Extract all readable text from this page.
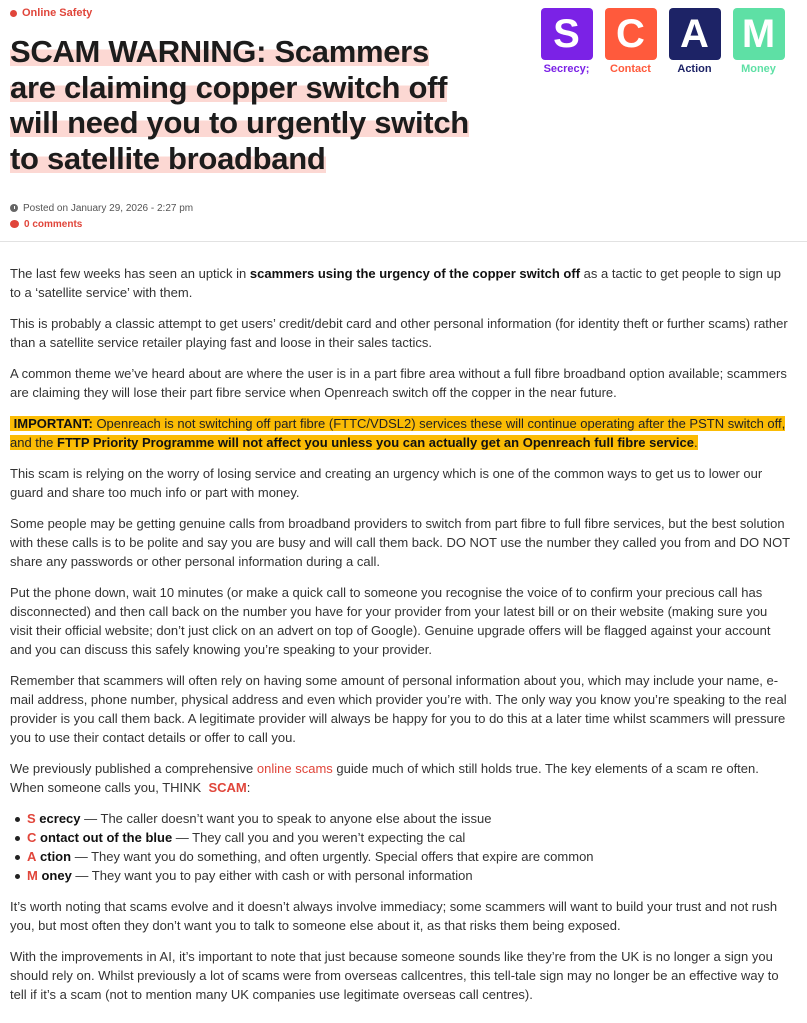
Online Safety
SCAM WARNING: Scammers
are claiming copper switch off
will need you to urgently switch
to satellite broadband
S
Secrecy;
C
Contact
A
Action
M
Money
Posted on January 29, 2026 - 2:27 pm
0 comments

The last few weeks has seen an uptick in scammers using the urgency of the copper switch off as a tactic to get people to sign up to a ‘satellite service’ with them.

This is probably a classic attempt to get users’ credit/debit card and other personal information (for identity theft or further scams) rather than a satellite service retailer playing fast and loose in their sales tactics.

A common theme we’ve heard about are where the user is in a part fibre area without a full fibre broadband option available; scammers are claiming they will lose their part fibre service when Openreach switch off the copper in the near future.

IMPORTANT: Openreach is not switching off part fibre (FTTC/VDSL2) services these will continue operating after the PSTN switch off, and the FTTP Priority Programme will not affect you unless you can actually get an Openreach full fibre service.

This scam is relying on the worry of losing service and creating an urgency which is one of the common ways to get us to lower our guard and share too much info or part with money.

Some people may be getting genuine calls from broadband providers to switch from part fibre to full fibre services, but the best solution with these calls is to be polite and say you are busy and will call them back. DO NOT use the number they called you from and DO NOT share any passwords or other personal information during a call.

Put the phone down, wait 10 minutes (or make a quick call to someone you recognise the voice of to confirm your precious call has disconnected) and then call back on the number you have for your provider from your latest bill or on their website (making sure you visit their official website; don’t just click on an advert on top of Google). Genuine upgrade offers will be flagged against your account and you can discuss this safely knowing you’re speaking to your provider.

Remember that scammers will often rely on having some amount of personal information about you, which may include your name, e-mail address, phone number, physical address and even which provider you’re with. The only way you know you’re speaking to the real provider is you call them back. A legitimate provider will always be happy for you to do this at a later time whilst scammers will pressure you to use their contact details or offer to call you.

We previously published a comprehensive online scams guide much of which still holds true. The key elements of a scam re often. When someone calls you, THINK  SCAM:

S ecrecy — The caller doesn’t want you to speak to anyone else about the issue
C ontact out of the blue — They call you and you weren’t expecting the cal
A ction — They want you do something, and often urgently. Special offers that expire are common
M oney — They want you to pay either with cash or with personal information

It’s worth noting that scams evolve and it doesn’t always involve immediacy; some scammers will want to build your trust and not rush you, but most often they don’t want you to talk to someone else about it, as that risks them being exposed.

With the improvements in AI, it’s important to note that just because someone sounds like they’re from the UK is no longer a sign you should rely on. Whilst previously a lot of scams were from overseas callcentres, this tell-tale sign may no longer be an effective way to tell if it’s a scam (not to mention many UK companies use legitimate overseas call centres).
